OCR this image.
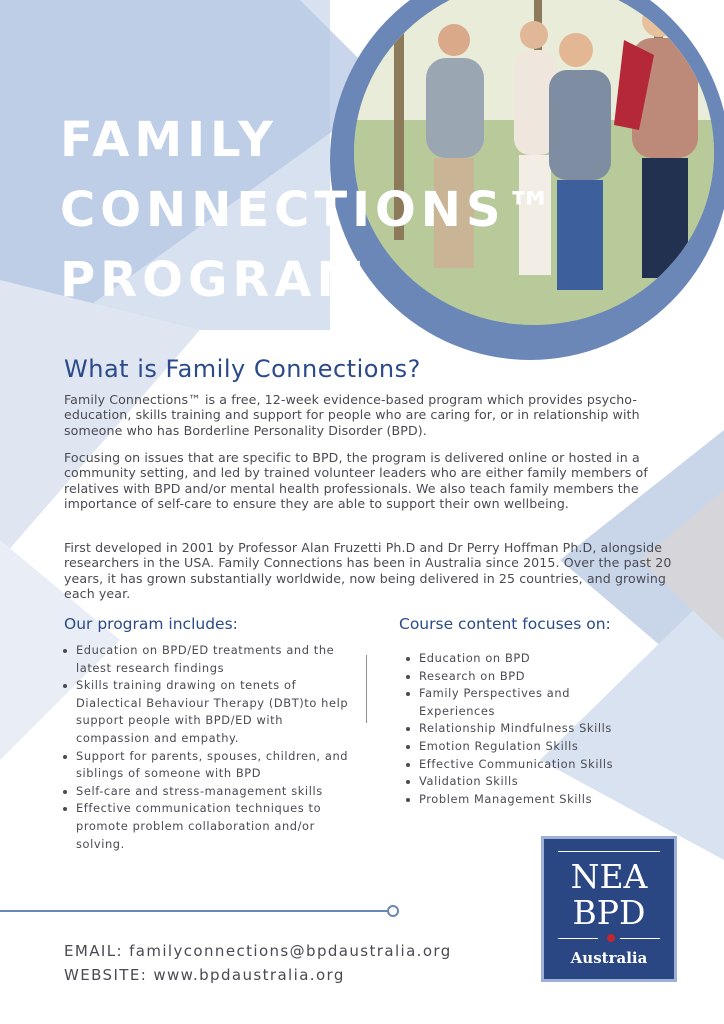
FAMILY
CONNECTIONS™
PROGRAM
What is Family Connections?

Family Connections™ is a free, 12-week evidence-based program which provides psycho-education, skills training and support for people who are caring for, or in relationship with someone who has Borderline Personality Disorder (BPD).

Focusing on issues that are specific to BPD, the program is delivered online or hosted in a community setting, and led by trained volunteer leaders who are either family members of relatives with BPD and/or mental health professionals. We also teach family members the importance of self-care to ensure they are able to support their own wellbeing.

First developed in 2001 by Professor Alan Fruzetti Ph.D and Dr Perry Hoffman Ph.D, alongside researchers in the USA. Family Connections has been in Australia since 2015. Over the past 20 years, it has grown substantially worldwide, now being delivered in 25 countries, and growing each year.

Our program includes:
Education on BPD/ED treatments and the latest research findings
Skills training drawing on tenets of Dialectical Behaviour Therapy (DBT)to help support people with BPD/ED with compassion and empathy.
Support for parents, spouses, children, and siblings of someone with BPD
Self-care and stress-management skills
Effective communication techniques to promote problem collaboration and/or solving.
Course content focuses on:
Education on BPD
Research on BPD
Family Perspectives and Experiences
Relationship Mindfulness Skills
Emotion Regulation Skills
Effective Communication Skills
Validation Skills
Problem Management Skills

EMAIL: familyconnections@bpdaustralia.org

WEBSITE: www.bpdaustralia.org

NEA
BPD
Australia
